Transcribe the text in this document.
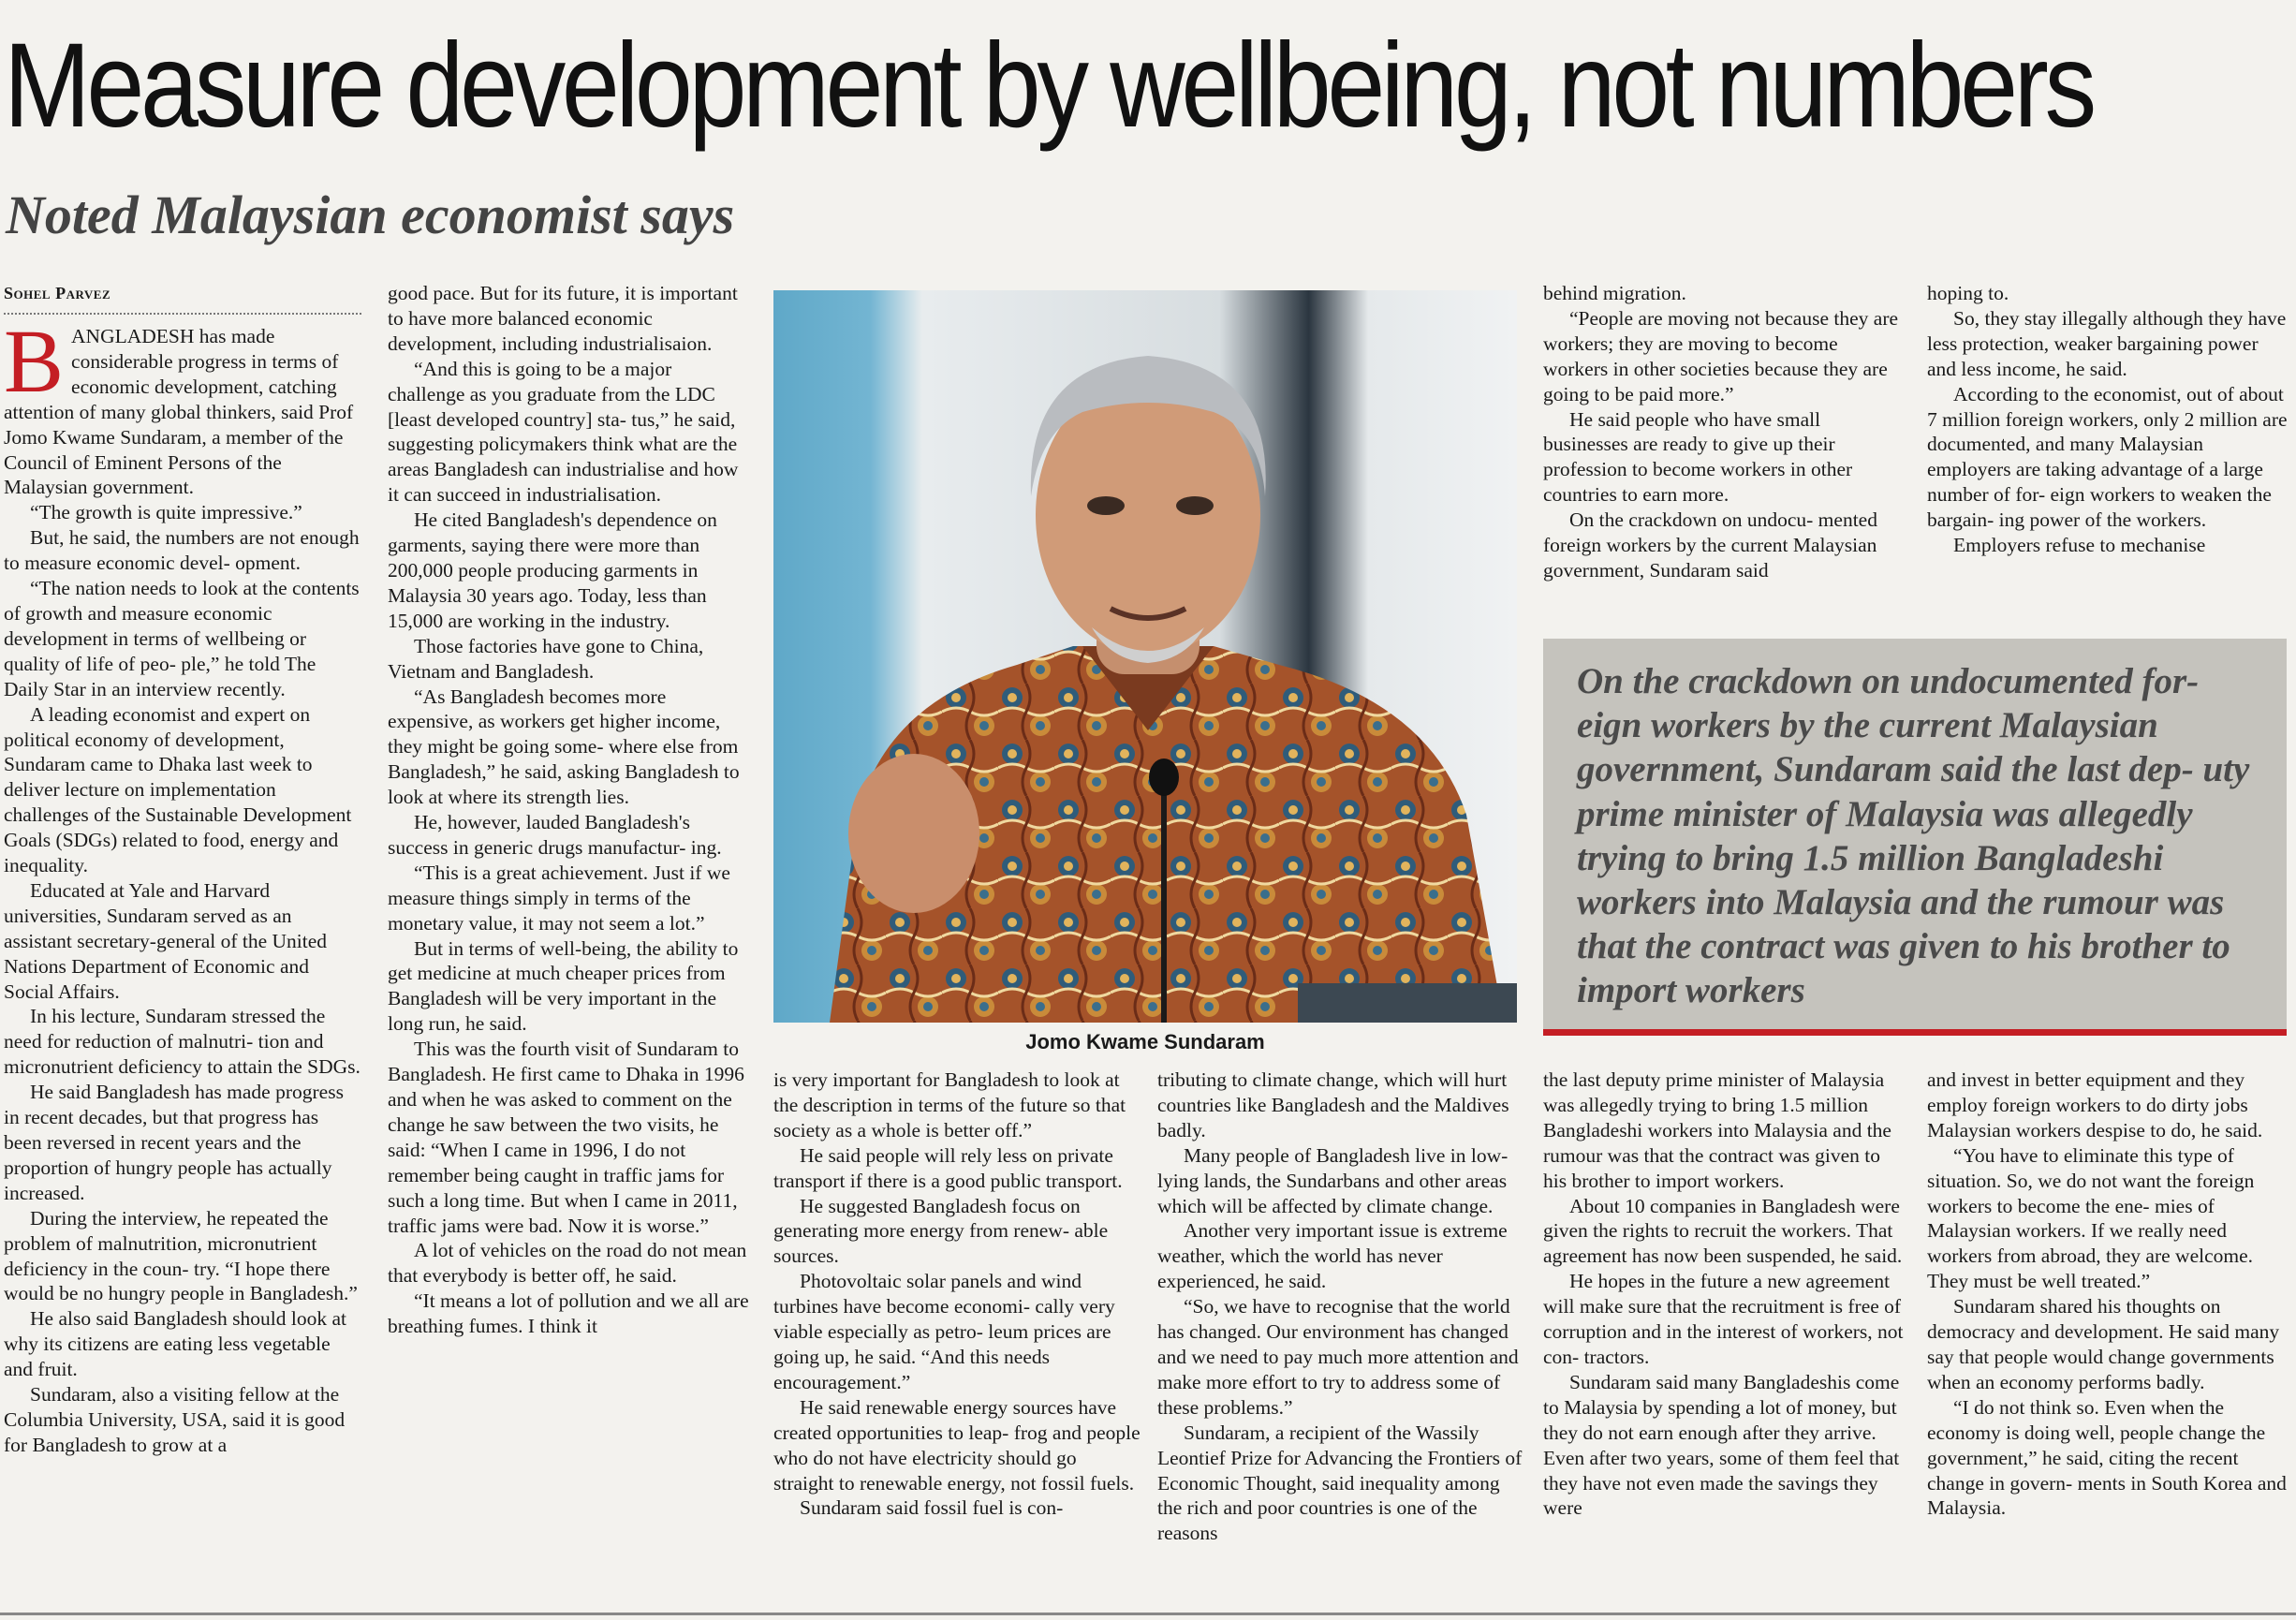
Measure development by wellbeing, not numbers
Noted Malaysian economist says
Sohel Parvez

BANGLADESH has made considerable progress in terms of economic development, catching attention of many global thinkers, said Prof Jomo Kwame Sundaram, a member of the Council of Eminent Persons of the Malaysian government.

“The growth is quite impressive.”

But, he said, the numbers are not enough to measure economic devel- opment.

“The nation needs to look at the contents of growth and measure economic development in terms of wellbeing or quality of life of peo- ple,” he told The Daily Star in an interview recently.

A leading economist and expert on political economy of development, Sundaram came to Dhaka last week to deliver lecture on implementation challenges of the Sustainable Development Goals (SDGs) related to food, energy and inequality.

Educated at Yale and Harvard universities, Sundaram served as an assistant secretary-general of the United Nations Department of Economic and Social Affairs.

In his lecture, Sundaram stressed the need for reduction of malnutri- tion and micronutrient deficiency to attain the SDGs.

He said Bangladesh has made progress in recent decades, but that progress has been reversed in recent years and the proportion of hungry people has actually increased.

During the interview, he repeated the problem of malnutrition, micronutrient deficiency in the coun- try. “I hope there would be no hungry people in Bangladesh.”

He also said Bangladesh should look at why its citizens are eating less vegetable and fruit.

Sundaram, also a visiting fellow at the Columbia University, USA, said it is good for Bangladesh to grow at a

good pace. But for its future, it is important to have more balanced economic development, including industrialisaion.

“And this is going to be a major challenge as you graduate from the LDC [least developed country] sta- tus,” he said, suggesting policymakers think what are the areas Bangladesh can industrialise and how it can succeed in industrialisation.

He cited Bangladesh's dependence on garments, saying there were more than 200,000 people producing garments in Malaysia 30 years ago. Today, less than 15,000 are working in the industry.

Those factories have gone to China, Vietnam and Bangladesh.

“As Bangladesh becomes more expensive, as workers get higher income, they might be going some- where else from Bangladesh,” he said, asking Bangladesh to look at where its strength lies.

He, however, lauded Bangladesh's success in generic drugs manufactur- ing.

“This is a great achievement. Just if we measure things simply in terms of the monetary value, it may not seem a lot.”

But in terms of well-being, the ability to get medicine at much cheaper prices from Bangladesh will be very important in the long run, he said.

This was the fourth visit of Sundaram to Bangladesh. He first came to Dhaka in 1996 and when he was asked to comment on the change he saw between the two visits, he said: “When I came in 1996, I do not remember being caught in traffic jams for such a long time. But when I came in 2011, traffic jams were bad. Now it is worse.”

A lot of vehicles on the road do not mean that everybody is better off, he said.

“It means a lot of pollution and we all are breathing fumes. I think it

Jomo Kwame Sundaram

is very important for Bangladesh to look at the description in terms of the future so that society as a whole is better off.”

He said people will rely less on private transport if there is a good public transport.

He suggested Bangladesh focus on generating more energy from renew- able sources.

Photovoltaic solar panels and wind turbines have become economi- cally very viable especially as petro- leum prices are going up, he said. “And this needs encouragement.”

He said renewable energy sources have created opportunities to leap- frog and people who do not have electricity should go straight to renewable energy, not fossil fuels.

Sundaram said fossil fuel is con-

tributing to climate change, which will hurt countries like Bangladesh and the Maldives badly.

Many people of Bangladesh live in low-lying lands, the Sundarbans and other areas which will be affected by climate change.

Another very important issue is extreme weather, which the world has never experienced, he said.

“So, we have to recognise that the world has changed. Our environment has changed and we need to pay much more attention and make more effort to try to address some of these problems.”

Sundaram, a recipient of the Wassily Leontief Prize for Advancing the Frontiers of Economic Thought, said inequality among the rich and poor countries is one of the reasons

behind migration.

“People are moving not because they are workers; they are moving to become workers in other societies because they are going to be paid more.”

He said people who have small businesses are ready to give up their profession to become workers in other countries to earn more.

On the crackdown on undocu- mented foreign workers by the current Malaysian government, Sundaram said

hoping to.

So, they stay illegally although they have less protection, weaker bargaining power and less income, he said.

According to the economist, out of about 7 million foreign workers, only 2 million are documented, and many Malaysian employers are taking advantage of a large number of for- eign workers to weaken the bargain- ing power of the workers.

Employers refuse to mechanise

On the crackdown on undocumented for- eign workers by the current Malaysian government, Sundaram said the last dep- uty prime minister of Malaysia was allegedly trying to bring 1.5 million Bangladeshi workers into Malaysia and the rumour was that the contract was given to his brother to import workers

the last deputy prime minister of Malaysia was allegedly trying to bring 1.5 million Bangladeshi workers into Malaysia and the rumour was that the contract was given to his brother to import workers.

About 10 companies in Bangladesh were given the rights to recruit the workers. That agreement has now been suspended, he said.

He hopes in the future a new agreement will make sure that the recruitment is free of corruption and in the interest of workers, not con- tractors.

Sundaram said many Bangladeshis come to Malaysia by spending a lot of money, but they do not earn enough after they arrive. Even after two years, some of them feel that they have not even made the savings they were

and invest in better equipment and they employ foreign workers to do dirty jobs Malaysian workers despise to do, he said.

“You have to eliminate this type of situation. So, we do not want the foreign workers to become the ene- mies of Malaysian workers. If we really need workers from abroad, they are welcome. They must be well treated.”

Sundaram shared his thoughts on democracy and development. He said many say that people would change governments when an economy performs badly.

“I do not think so. Even when the economy is doing well, people change the government,” he said, citing the recent change in govern- ments in South Korea and Malaysia.
